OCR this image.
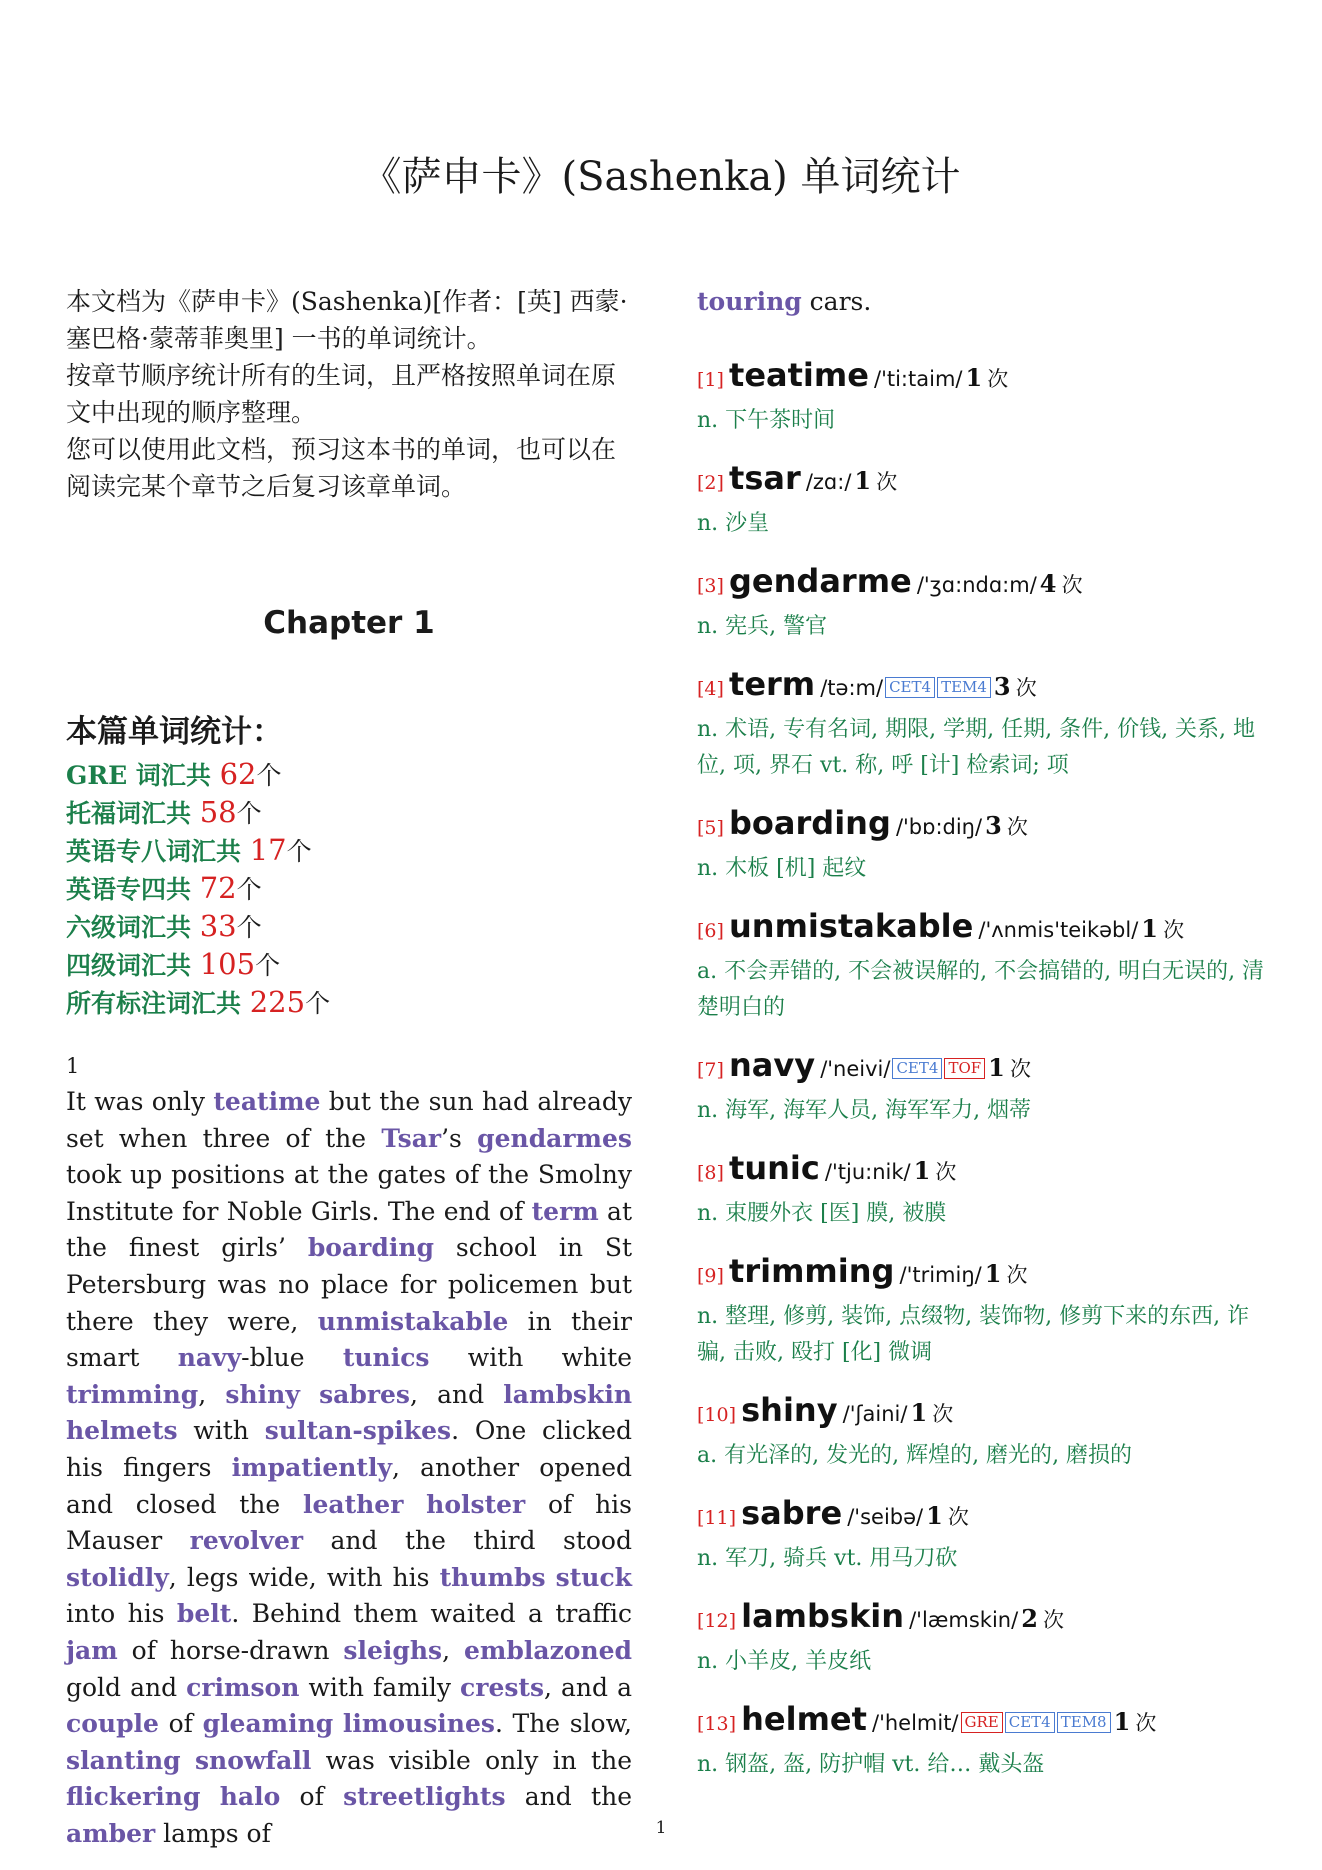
《萨申卡》(Sashenka) 单词统计

本文档为《萨申卡》(Sashenka)[作者：[英] 西蒙·塞巴格·蒙蒂菲奥里] 一书的单词统计。

按章节顺序统计所有的生词，且严格按照单词在原文中出现的顺序整理。

您可以使用此文档，预习这本书的单词，也可以在阅读完某个章节之后复习该章单词。

Chapter 1
本篇单词统计：
GRE 词汇共 62个
托福词汇共 58个
英语专八词汇共 17个
英语专四共 72个
六级词汇共 33个
四级词汇共 105个
所有标注词汇共 225个
1

It was only teatime but the sun had already set when three of the Tsar’s gendarmes took up positions at the gates of the Smolny Institute for Noble Girls. The end of term at the finest girls’ boarding school in St Petersburg was no place for policemen but there they were, unmistakable in their smart navy-blue tunics with white trimming, shiny sabres, and lambskin helmets with sultan-spikes. One clicked his fingers impatiently, another opened and closed the leather holster of his Mauser revolver and the third stood stolidly, legs wide, with his thumbs stuck into his belt. Behind them waited a traffic jam of horse-drawn sleighs, emblazoned gold and crimson with family crests, and a couple of gleaming limousines. The slow, slanting snowfall was visible only in the flickering halo of streetlights and the amber lamps of

touring cars.

[1] teatime /'ti:taim/ 1 次
n. 下午茶时间
[2] tsar /zɑ:/ 1 次
n. 沙皇
[3] gendarme /'ʒɑ:ndɑ:m/ 4 次
n. 宪兵, 警官
[4] term /tə:m/ CET4 TEM4 3 次
n. 术语, 专有名词, 期限, 学期, 任期, 条件, 价钱, 关系, 地位, 项, 界石 vt. 称, 呼 [计] 检索词; 项
[5] boarding /'bɒ:diŋ/ 3 次
n. 木板 [机] 起纹
[6] unmistakable /'ʌnmis'teikəbl/ 1 次
a. 不会弄错的, 不会被误解的, 不会搞错的, 明白无误的, 清楚明白的
[7] navy /'neivi/ CET4 TOF 1 次
n. 海军, 海军人员, 海军军力, 烟蒂
[8] tunic /'tju:nik/ 1 次
n. 束腰外衣 [医] 膜, 被膜
[9] trimming /'trimiŋ/ 1 次
n. 整理, 修剪, 装饰, 点缀物, 装饰物, 修剪下来的东西, 诈骗, 击败, 殴打 [化] 微调
[10] shiny /'ʃaini/ 1 次
a. 有光泽的, 发光的, 辉煌的, 磨光的, 磨损的
[11] sabre /'seibə/ 1 次
n. 军刀, 骑兵 vt. 用马刀砍
[12] lambskin /'læmskin/ 2 次
n. 小羊皮, 羊皮纸
[13] helmet /'helmit/ GRE CET4 TEM8 1 次
n. 钢盔, 盔, 防护帽 vt. 给… 戴头盔
1
